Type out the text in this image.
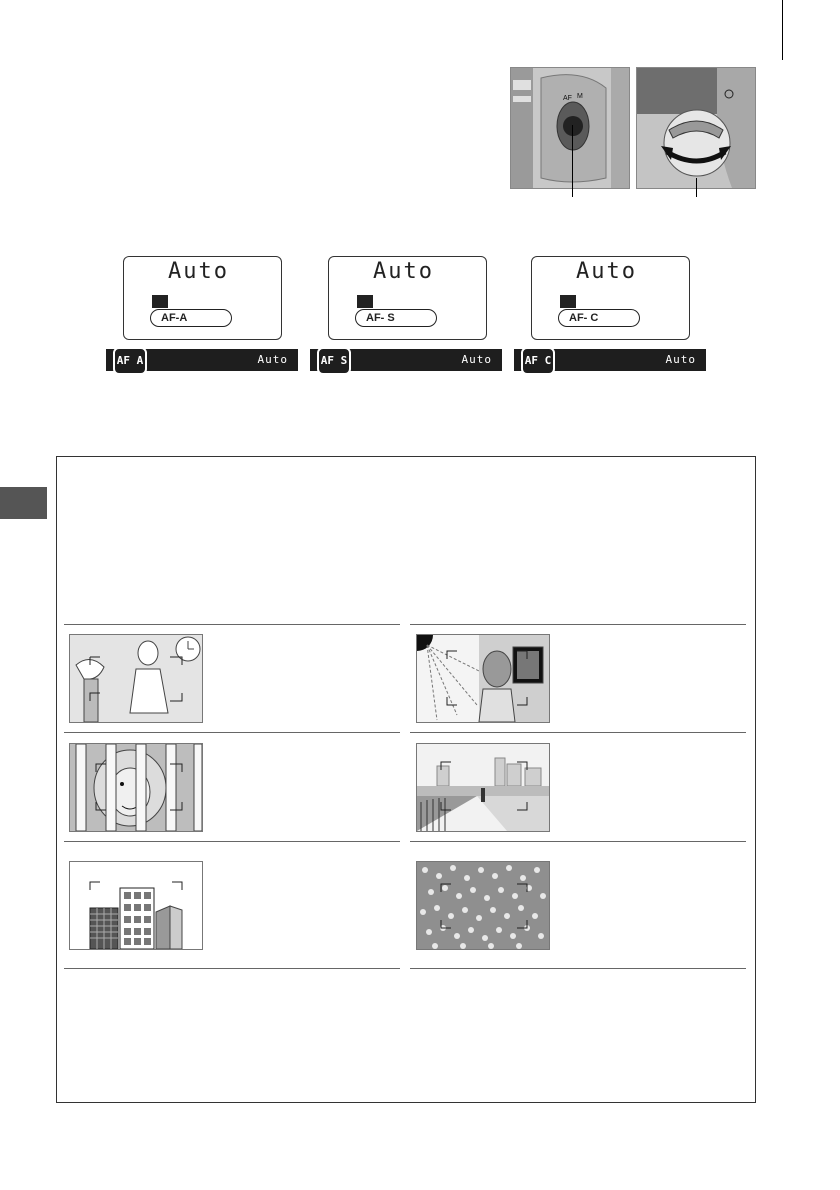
AF M
Auto
AF-A
Auto
AF- S
Auto
AF- C
AF A	Auto	AF S	Auto	AF C	Auto
